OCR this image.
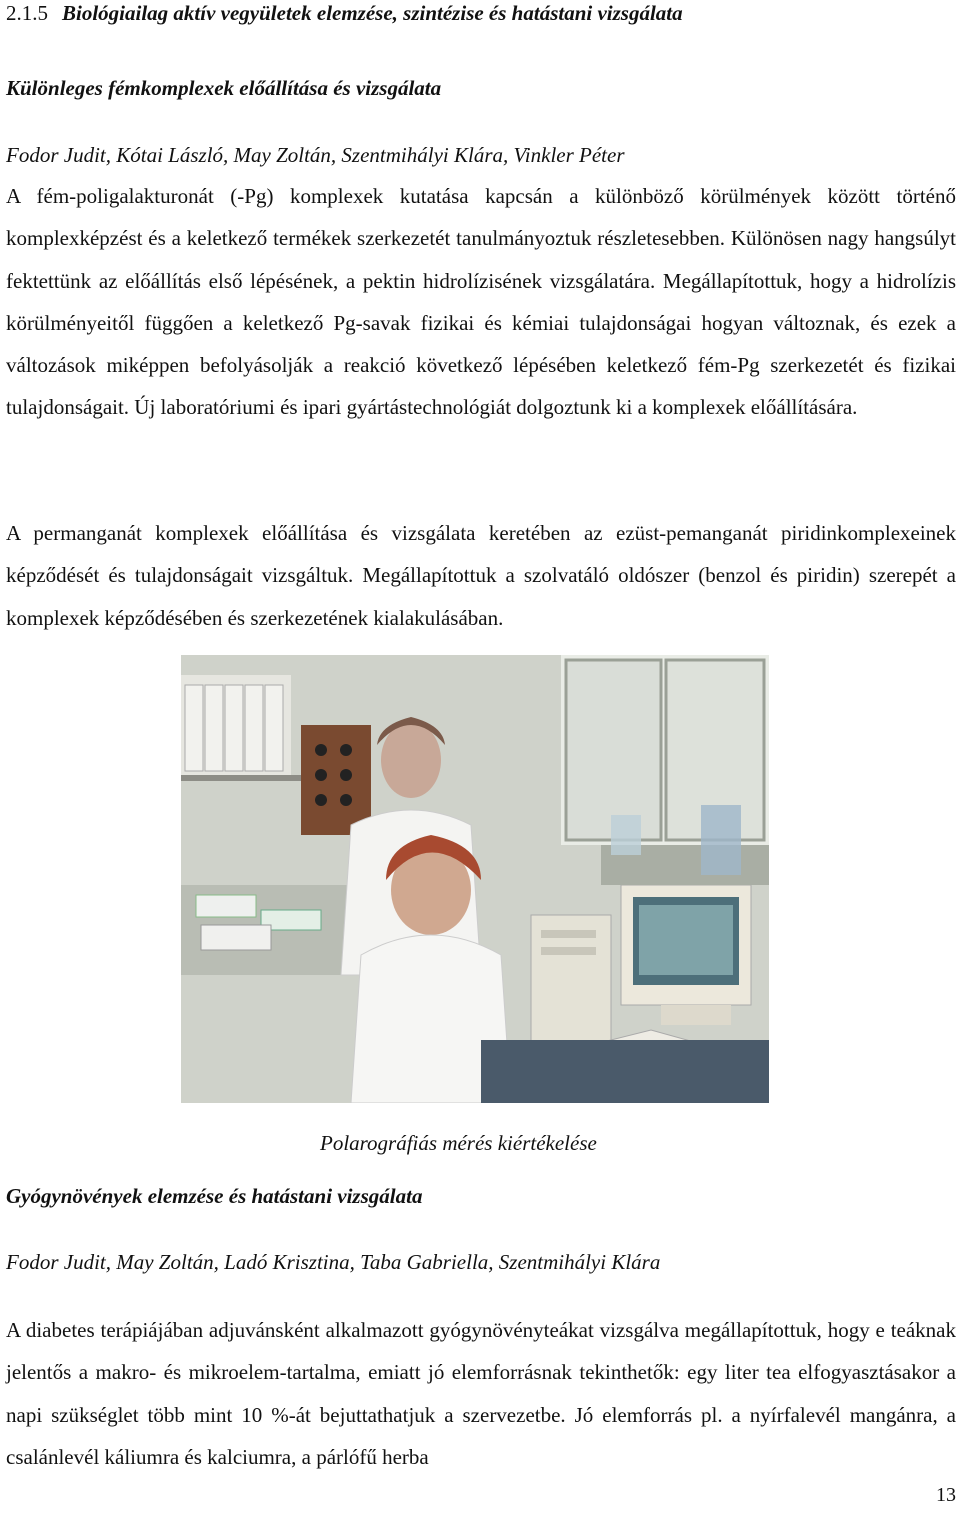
2.1.5 Biológiailag aktív vegyületek elemzése, szintézise és hatástani vizsgálata
Különleges fémkomplexek előállítása és vizsgálata
Fodor Judit, Kótai László, May Zoltán, Szentmihályi Klára, Vinkler Péter
A fém-poligalakturonát (-Pg) komplexek kutatása kapcsán a különböző körülmények között történő komplexképzést és a keletkező termékek szerkezetét tanulmányoztuk részletesebben. Különösen nagy hangsúlyt fektettünk az előállítás első lépésének, a pektin hidrolízisének vizsgálatára. Megállapítottuk, hogy a hidrolízis körülményeitől függően a keletkező Pg-savak fizikai és kémiai tulajdonságai hogyan változnak, és ezek a változások miképpen befolyásolják a reakció következő lépésében keletkező fém-Pg szerkezetét és fizikai tulajdonságait. Új laboratóriumi és ipari gyártástechnológiát dolgoztunk ki a komplexek előállítására.
A permanganát komplexek előállítása és vizsgálata keretében az ezüst-pemanganát piridinkomplexeinek képződését és tulajdonságait vizsgáltuk. Megállapítottuk a szolvatáló oldószer (benzol és piridin) szerepét a komplexek képződésében és szerkezetének kialakulásában.
Polarográfiás mérés kiértékelése
Gyógynövények elemzése és hatástani vizsgálata
Fodor Judit, May Zoltán, Ladó Krisztina, Taba Gabriella, Szentmihályi Klára
A diabetes terápiájában adjuvánsként alkalmazott gyógynövényteákat vizsgálva megállapítottuk, hogy e teáknak jelentős a makro- és mikroelem-tartalma, emiatt jó elemforrásnak tekinthetők: egy liter tea elfogyasztásakor a napi szükséglet több mint 10 %-át bejuttathatjuk a szervezetbe. Jó elemforrás pl. a nyírfalevél mangánra, a csalánlevél káliumra és kalciumra, a párlófű herba
13
